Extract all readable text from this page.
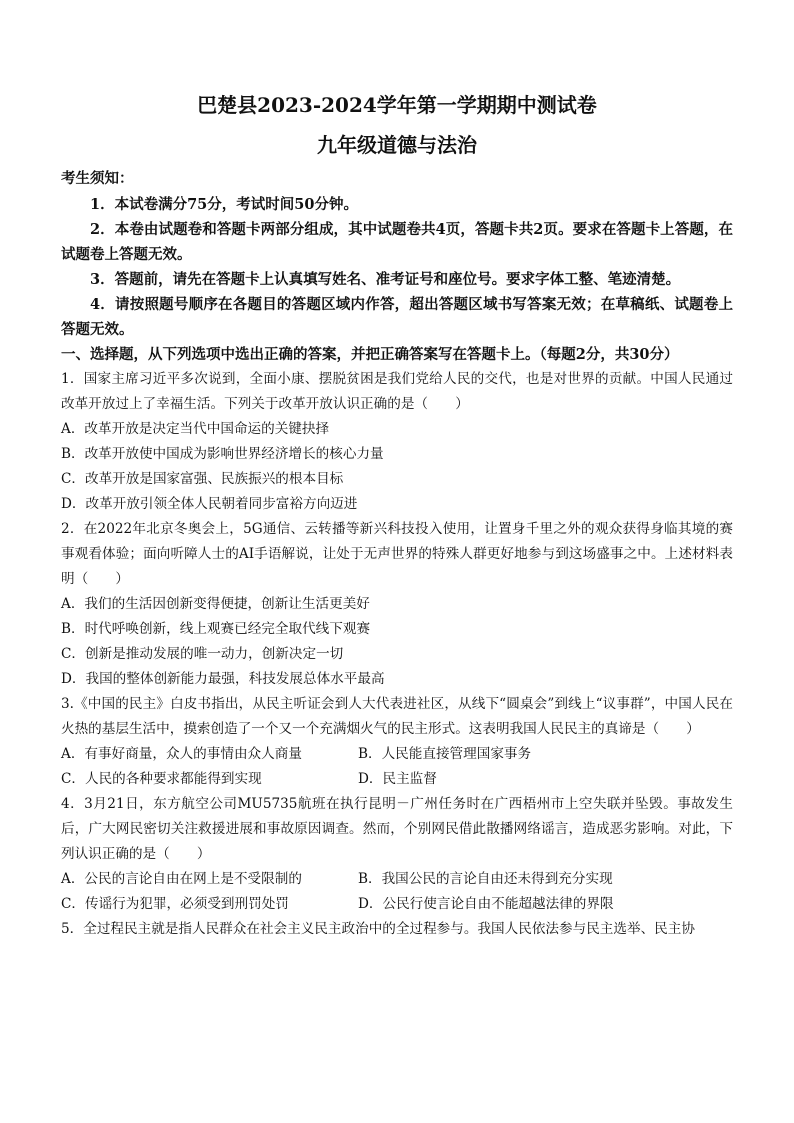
巴楚县2023-2024学年第一学期期中测试卷
九年级道德与法治
考生须知：
1．本试卷满分75分，考试时间50分钟。
2．本卷由试题卷和答题卡两部分组成，其中试题卷共4页，答题卡共2页。要求在答题卡上答题，在试题卷上答题无效。
3．答题前，请先在答题卡上认真填写姓名、准考证号和座位号。要求字体工整、笔迹清楚。
4．请按照题号顺序在各题目的答题区域内作答，超出答题区域书写答案无效；在草稿纸、试题卷上答题无效。
一、选择题，从下列选项中选出正确的答案，并把正确答案写在答题卡上。（每题2分，共30分）
1．国家主席习近平多次说到，全面小康、摆脱贫困是我们党给人民的交代，也是对世界的贡献。中国人民通过改革开放过上了幸福生活。下列关于改革开放认识正确的是（　　）
A．改革开放是决定当代中国命运的关键抉择
B．改革开放使中国成为影响世界经济增长的核心力量
C．改革开放是国家富强、民族振兴的根本目标
D．改革开放引领全体人民朝着同步富裕方向迈进
2．在2022年北京冬奥会上，5G通信、云转播等新兴科技投入使用，让置身千里之外的观众获得身临其境的赛事观看体验；面向听障人士的AI手语解说，让处于无声世界的特殊人群更好地参与到这场盛事之中。上述材料表明（　　）
A．我们的生活因创新变得便捷，创新让生活更美好
B．时代呼唤创新，线上观赛已经完全取代线下观赛
C．创新是推动发展的唯一动力，创新决定一切
D．我国的整体创新能力最强，科技发展总体水平最高
3.《中国的民主》白皮书指出，从民主听证会到人大代表进社区，从线下“圆桌会”到线上“议事群”，中国人民在火热的基层生活中，摸索创造了一个又一个充满烟火气的民主形式。这表明我国人民民主的真谛是（　　）
A．有事好商量，众人的事情由众人商量	B．人民能直接管理国家事务
C．人民的各种要求都能得到实现	D．民主监督
4．3月21日，东方航空公司MU5735航班在执行昆明－广州任务时在广西梧州市上空失联并坠毁。事故发生后，广大网民密切关注救援进展和事故原因调查。然而，个别网民借此散播网络谣言，造成恶劣影响。对此，下列认识正确的是（　　）
A．公民的言论自由在网上是不受限制的	B．我国公民的言论自由还未得到充分实现
C．传谣行为犯罪，必须受到刑罚处罚	D．公民行使言论自由不能超越法律的界限
5．全过程民主就是指人民群众在社会主义民主政治中的全过程参与。我国人民依法参与民主选举、民主协
